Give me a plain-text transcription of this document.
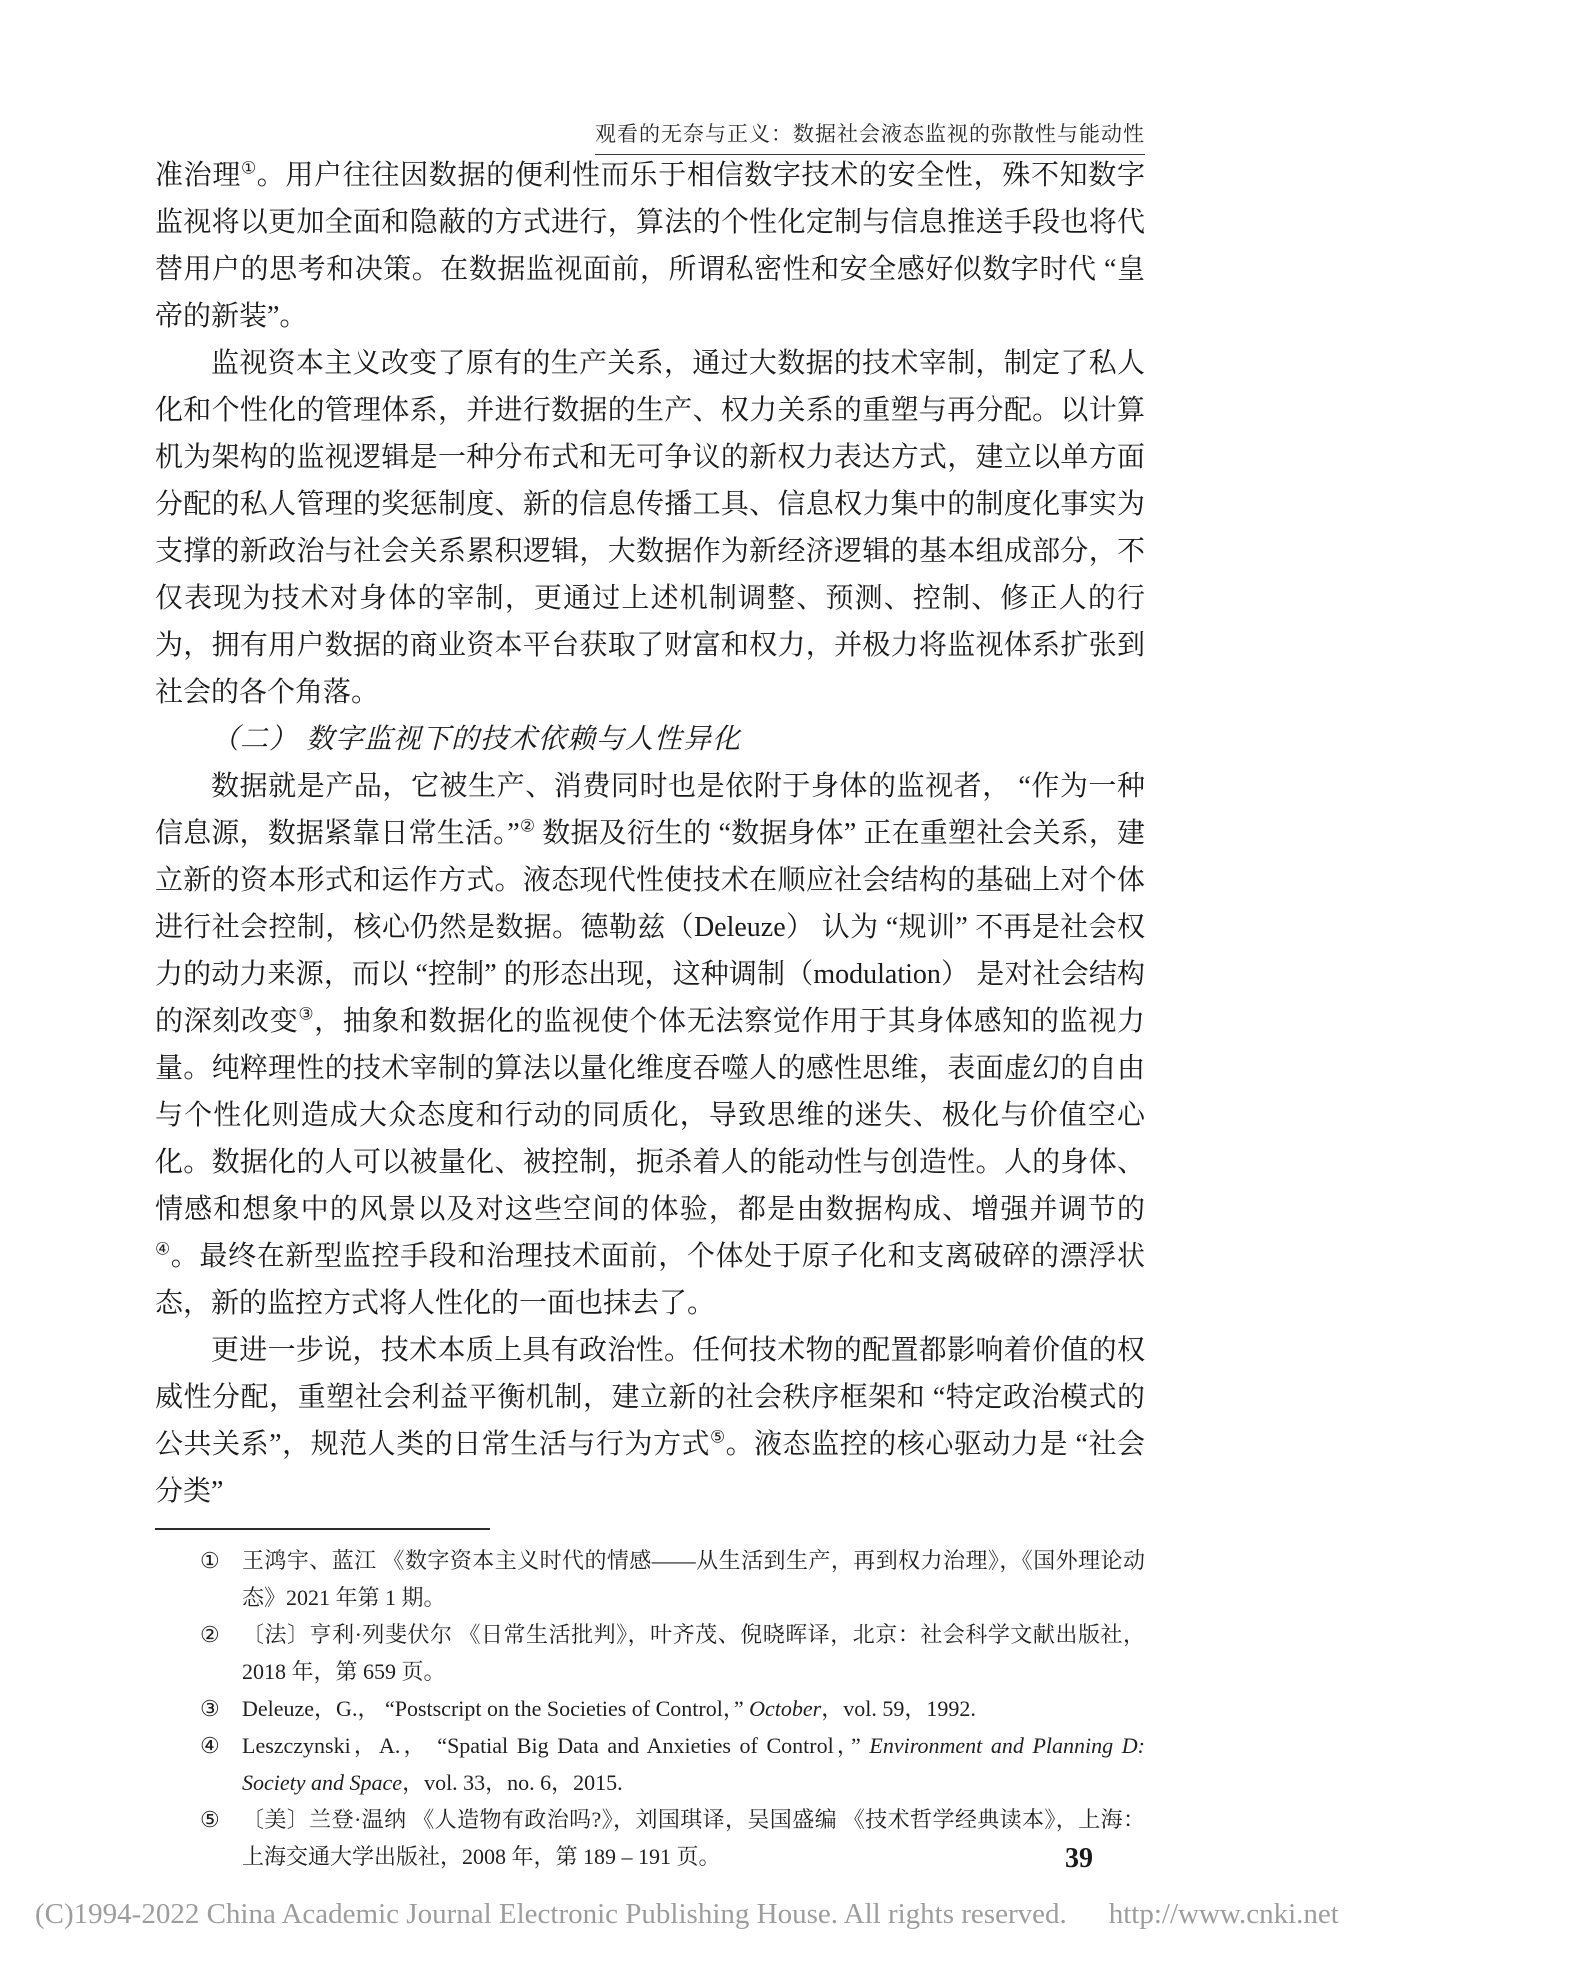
观看的无奈与正义：数据社会液态监视的弥散性与能动性

准治理①。用户往往因数据的便利性而乐于相信数字技术的安全性，殊不知数字监视将以更加全面和隐蔽的方式进行，算法的个性化定制与信息推送手段也将代替用户的思考和决策。在数据监视面前，所谓私密性和安全感好似数字时代 “皇帝的新装”。

监视资本主义改变了原有的生产关系，通过大数据的技术宰制，制定了私人化和个性化的管理体系，并进行数据的生产、权力关系的重塑与再分配。以计算机为架构的监视逻辑是一种分布式和无可争议的新权力表达方式，建立以单方面分配的私人管理的奖惩制度、新的信息传播工具、信息权力集中的制度化事实为支撑的新政治与社会关系累积逻辑，大数据作为新经济逻辑的基本组成部分，不仅表现为技术对身体的宰制，更通过上述机制调整、预测、控制、修正人的行为，拥有用户数据的商业资本平台获取了财富和权力，并极力将监视体系扩张到社会的各个角落。

（二） 数字监视下的技术依赖与人性异化

数据就是产品，它被生产、消费同时也是依附于身体的监视者， “作为一种信息源，数据紧靠日常生活。”② 数据及衍生的 “数据身体” 正在重塑社会关系，建立新的资本形式和运作方式。液态现代性使技术在顺应社会结构的基础上对个体进行社会控制，核心仍然是数据。德勒兹（Deleuze） 认为 “规训” 不再是社会权力的动力来源，而以 “控制” 的形态出现，这种调制（modulation） 是对社会结构的深刻改变③，抽象和数据化的监视使个体无法察觉作用于其身体感知的监视力量。纯粹理性的技术宰制的算法以量化维度吞噬人的感性思维，表面虚幻的自由与个性化则造成大众态度和行动的同质化，导致思维的迷失、极化与价值空心化。数据化的人可以被量化、被控制，扼杀着人的能动性与创造性。人的身体、情感和想象中的风景以及对这些空间的体验，都是由数据构成、增强并调节的④。最终在新型监控手段和治理技术面前，个体处于原子化和支离破碎的漂浮状态，新的监控方式将人性化的一面也抹去了。

更进一步说，技术本质上具有政治性。任何技术物的配置都影响着价值的权威性分配，重塑社会利益平衡机制，建立新的社会秩序框架和 “特定政治模式的公共关系”，规范人类的日常生活与行为方式⑤。液态监控的核心驱动力是 “社会分类”

①	王鸿宇、蓝江 《数字资本主义时代的情感——从生活到生产，再到权力治理》，《国外理论动态》2021 年第 1 期。
②	〔法〕亨利·列斐伏尔 《日常生活批判》，叶齐茂、倪晓晖译，北京：社会科学文献出版社，2018 年，第 659 页。
③	Deleuze，G.， “Postscript on the Societies of Control，” October，vol. 59，1992.
④	Leszczynski，A.， “Spatial Big Data and Anxieties of Control，” Environment and Planning D: Society and Space，vol. 33，no. 6，2015.
⑤	〔美〕兰登·温纳 《人造物有政治吗?》，刘国琪译，吴国盛编 《技术哲学经典读本》，上海：上海交通大学出版社，2008 年，第 189 – 191 页。	39
(C)1994-2022 China Academic Journal Electronic Publishing House. All rights reserved. http://www.cnki.net
